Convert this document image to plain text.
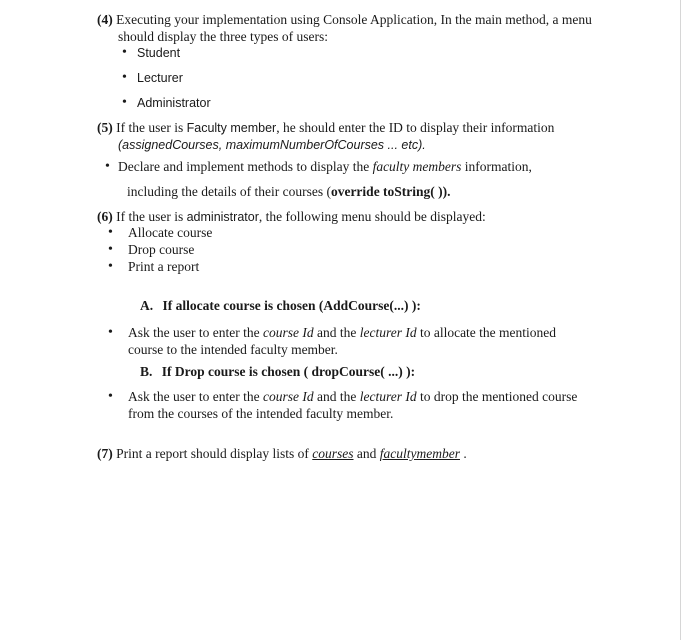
(4) Executing your implementation using Console Application, In the main method, a menu
should display the three types of users:
• Student
• Lecturer
• Administrator
(5) If the user is Faculty member, he should enter the ID to display their information
(assignedCourses, maximumNumberOfCourses ... etc).
• Declare and implement methods to display the faculty members information,
including the details of their courses (override toString( )).
(6) If the user is administrator, the following menu should be displayed:
• Allocate course
• Drop course
• Print a report
A. If allocate course is chosen (AddCourse(...) ):
• Ask the user to enter the course Id and the lecturer Id to allocate the mentioned
course to the intended faculty member.
B. If Drop course is chosen ( dropCourse( ...) ):
• Ask the user to enter the course Id and the lecturer Id to drop the mentioned course
from the courses of the intended faculty member.
(7) Print a report should display lists of courses and facultymember .
